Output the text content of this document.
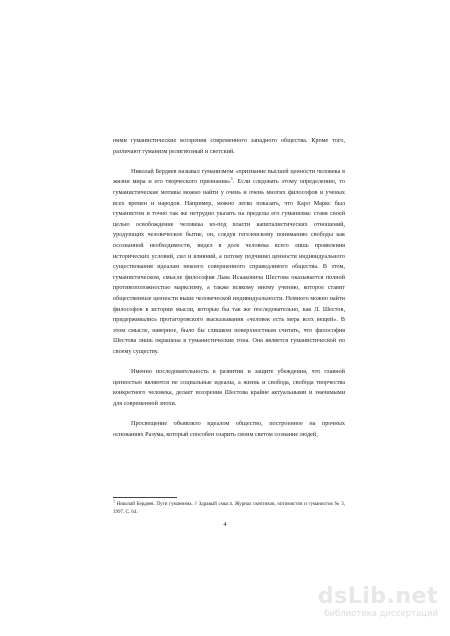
ними гуманистические воззрения современного западного общества. Кроме того, различают гуманизм религиозный и светский.

Николай Бердяев называл гуманизмом «признание высшей ценности человека в жизни мира и его творческого признания»$^1$. Если следовать этому определению, то гуманистические мотивы можно найти у очень и очень многих философов и ученых всех времен и народов. Например, можно легко показать, что Карл Маркс был гуманистом и точно так же нетрудно указать на пределы его гуманизма: ставя своей целью освобождение человека из-под власти капиталистических отношений, уродующих человеческое бытие, он, следуя гегелевскому пониманию свободы как осознанной необходимости, видел в доле человека всего лишь проявления исторических условий, сил и влияний, а потому подчинял ценности индивидуального существования идеалам некоего совершенного справедливого общества. В этом, гуманистическом, смысле философия Льва Исааковича Шестова оказывается полной противоположностью марксизму, а также всякому иному учению, которое ставит общественные ценности выше человеческой индивидуальности. Немного можно найти философов в истории мысли, которые бы так же последовательно, как Л. Шестов, придерживались протагоровского высказывания «человек есть мера всех вещей». В этом смысле, наверное, было бы слишком поверхностным считать, что философия Шестова лишь окрашена в гуманистические тона. Она является гуманистической по своему существу.

Именно последовательность в развитии и защите убеждения, что главной ценностью являются не социальные идеалы, а жизнь и свобода, свобода творчества конкретного человека, делает воззрения Шестова крайне актуальными и значимыми для современной эпохи.

Просвещение объявляло идеалом общество, построенное на прочных основаниях Разума, который способен озарить своим светом сознание людей,

$^1$ Николай Бердяев. Пути гуманизма. // Здравый смысл. Журнал скептиков, оптимистов и гуманистов № 3, 1997. С. 64.
4
dsLib.net
библиотека диссертаций
